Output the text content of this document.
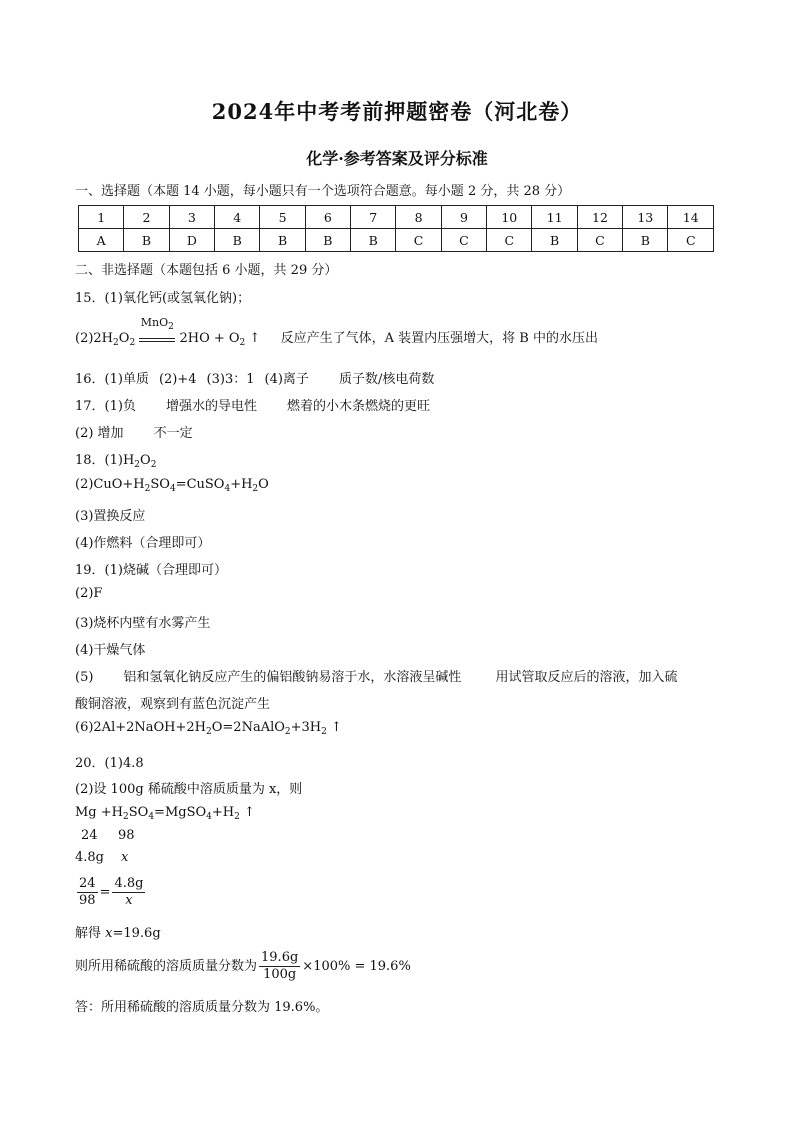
2024年中考考前押题密卷（河北卷）
化学·参考答案及评分标准
一、选择题（本题 14 小题，每小题只有一个选项符合题意。每小题 2 分，共 28 分）
1	2	3	4	5	6	7	8	9	10	11	12	13	14
A	B	D	B	B	B	B	C	C	C	B	C	B	C
二、非选择题（本题包括 6 小题，共 29 分）
15．(1)氧化钙(或氢氧化钠)；
$(2)2H_2O_2$
MnO$_2$
$2HO + O_2$ ↑ 反应产生了气体，A 装置内压强增大，将 B 中的水压出
16．(1)单质 (2)+4 (3)3：1 (4)离子 质子数/核电荷数
17．(1)负 增强水的导电性 燃着的小木条燃烧的更旺
(2) 增加 不一定
18．$(1)H_2O_2$
$(2)CuO+H_2SO_4=CuSO_4+H_2O$
(3)置换反应
(4)作燃料（合理即可）
19．(1)烧碱（合理即可）
(2)F
(3)烧杯内壁有水雾产生
(4)干燥气体
(5) 铝和氢氧化钠反应产生的偏铝酸钠易溶于水，水溶液呈碱性	用试管取反应后的溶液，加入硫
酸铜溶液，观察到有蓝色沉淀产生
$(6)2Al+2NaOH+2H_2O=2NaAlO_2+3H_2$ ↑
20．(1)4.8
(2)设 100g 稀硫酸中溶质质量为 x，则
$Mg +H_2SO_4=MgSO_4+H_2$ ↑
24 98
4.8g x
$\frac{24}{98} = \frac{4.8g}{x}$
解得 x=19.6g
则所用稀硫酸的溶质质量分数为 $\frac{19.6g}{100g} \times 100\% = 19.6\%$
答：所用稀硫酸的溶质质量分数为 19.6%。
